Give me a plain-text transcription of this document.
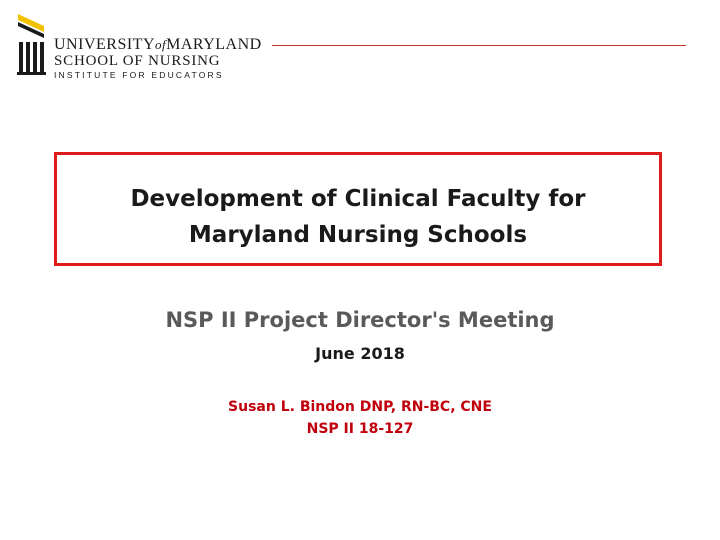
UNIVERSITYofMARYLAND
SCHOOL OF NURSING
INSTITUTE FOR EDUCATORS
Development of Clinical Faculty for
Maryland Nursing Schools
NSP II Project Director's Meeting
June 2018
Susan L. Bindon DNP, RN-BC, CNE
NSP II 18-127
